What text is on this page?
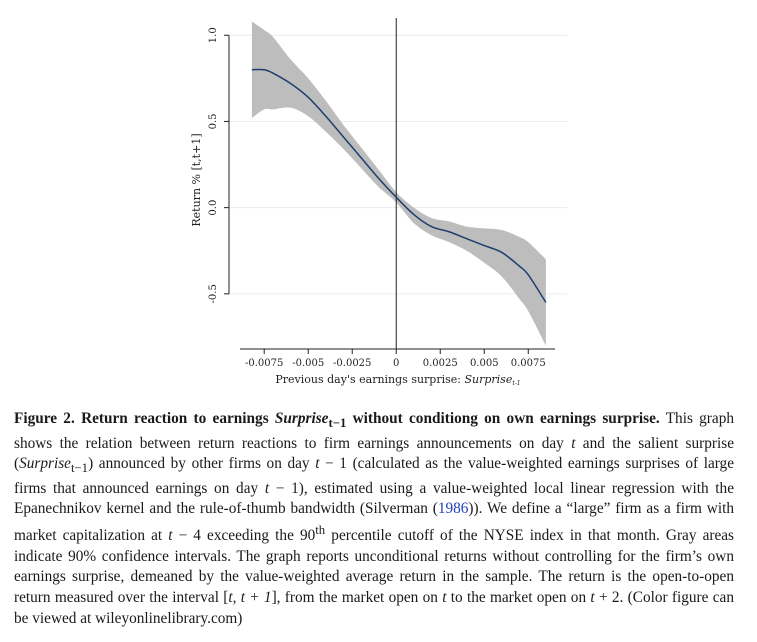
-0.0075 -0.005 -0.0025 0 0.0025 0.005 0.0075
-0.5
0.0
0.5
1.0
Previous day's earnings surprise: Surpriset-1
Return % [t,t+1]

Figure 2. Return reaction to earnings Surprise$_{t-1}$ without conditiong on own earnings surprise. This graph shows the relation between return reactions to firm earnings announcements on day t and the salient surprise (Surprise$_{t-1}$) announced by other firms on day t − 1 (calculated as the value-weighted earnings surprises of large firms that announced earnings on day t − 1), estimated using a value-weighted local linear regression with the Epanechnikov kernel and the rule-of-thumb bandwidth (Silverman (1986)). We define a “large” firm as a firm with market capitalization at t − 4 exceeding the 90th percentile cutoff of the NYSE index in that month. Gray areas indicate 90% confidence intervals. The graph reports unconditional returns without controlling for the firm’s own earnings surprise, demeaned by the value-weighted average return in the sample. The return is the open-to-open return measured over the interval [t, t + 1], from the market open on t to the market open on t + 2. (Color figure can be viewed at wileyonlinelibrary.com)
